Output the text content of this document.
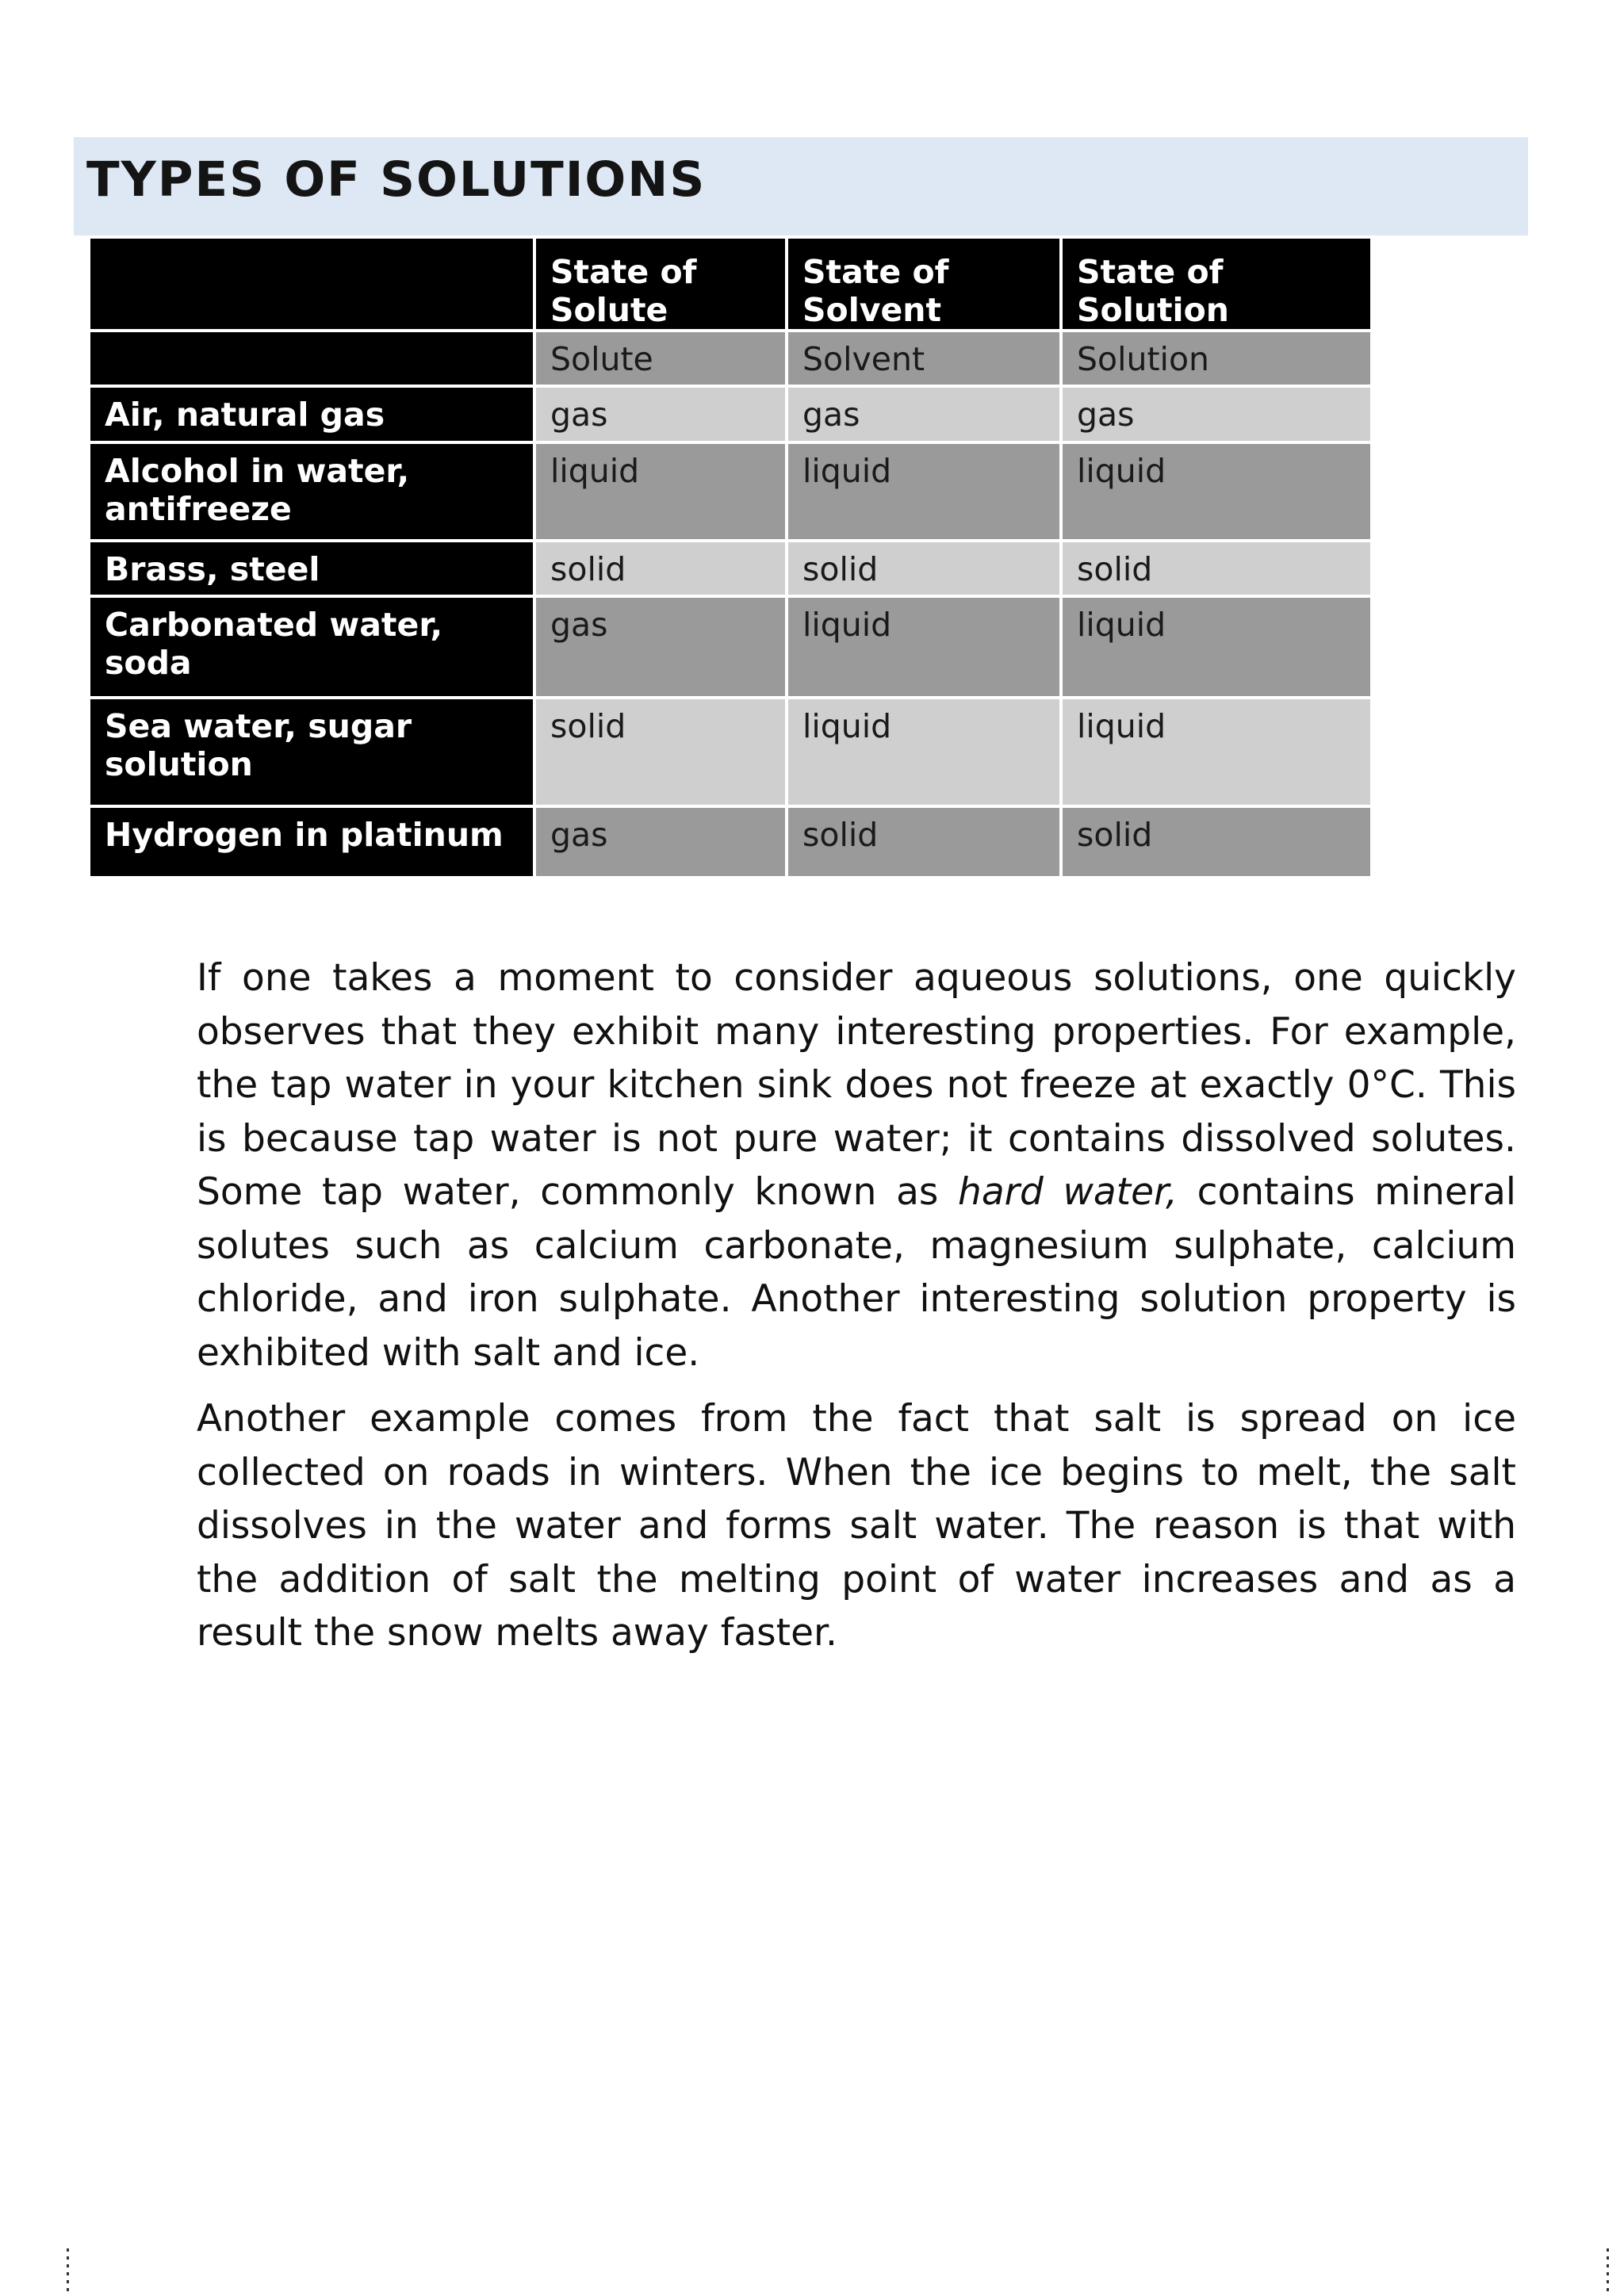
TYPES OF SOLUTIONS
	State of Solute	State of Solvent	State of Solution
	Solute	Solvent	Solution
Air, natural gas	gas	gas	gas
Alcohol in water, antifreeze	liquid	liquid	liquid
Brass, steel	solid	solid	solid
Carbonated water, soda	gas	liquid	liquid
Sea water, sugar solution	solid	liquid	liquid
Hydrogen in platinum	gas	solid	solid

If one takes a moment to consider aqueous solutions, one quickly observes that they exhibit many interesting properties. For example, the tap water in your kitchen sink does not freeze at exactly 0°C. This is because tap water is not pure water; it contains dissolved solutes. Some tap water, commonly known as hard water, contains mineral solutes such as calcium carbonate, magnesium sulphate, calcium chloride, and iron sulphate. Another interesting solution property is exhibited with salt and ice.

Another example comes from the fact that salt is spread on ice collected on roads in winters. When the ice begins to melt, the salt dissolves in the water and forms salt water. The reason is that with the addition of salt the melting point of water increases and as a result the snow melts away faster.
